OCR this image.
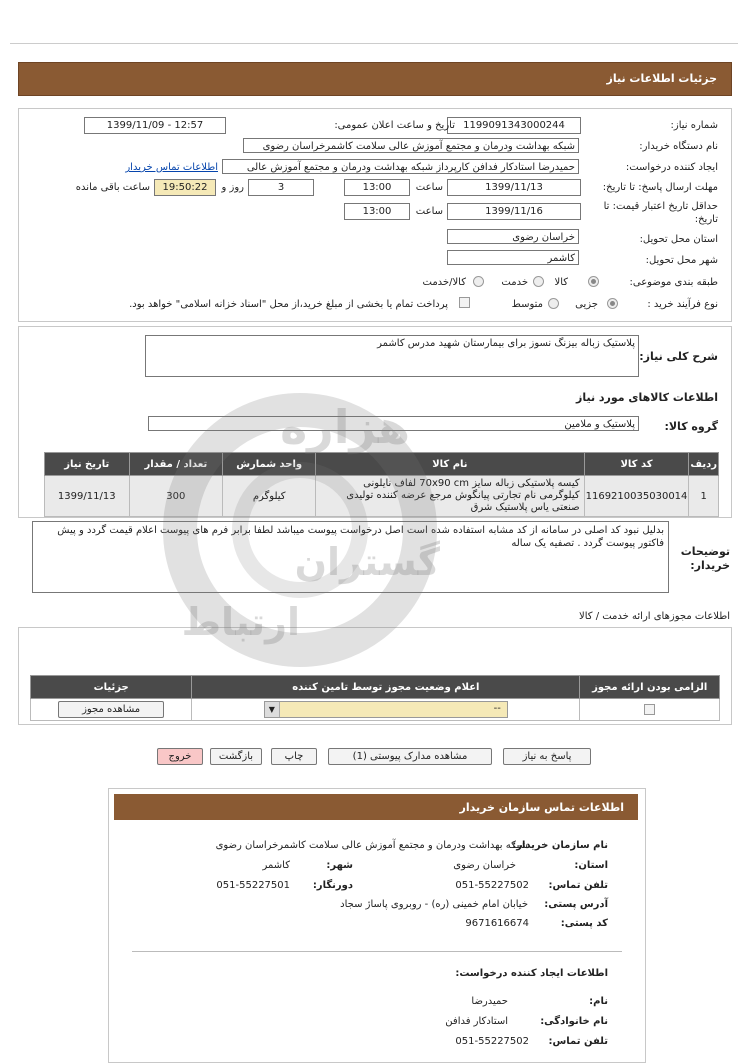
جزئیات اطلاعات نیاز
شماره نیاز:
1199091343000244
تاریخ و ساعت اعلان عمومی:
1399/11/09 - 12:57
نام دستگاه خریدار:
شبکه بهداشت ودرمان و مجتمع آموزش عالی سلامت کاشمرخراسان رضوی
ایجاد کننده درخواست:
حمیدرضا استادکار فدافن کارپرداز شبکه بهداشت ودرمان و مجتمع آموزش عالی
اطلاعات تماس خریدار
مهلت ارسال پاسخ: تا تاریخ:
1399/11/13
ساعت
13:00
3
روز و
19:50:22
ساعت باقی مانده
حداقل تاریخ اعتبار قیمت: تا تاریخ:
1399/11/16
ساعت
13:00
استان محل تحویل:
خراسان رضوی
شهر محل تحویل:
کاشمر
طبقه بندی موضوعی:
کالا
خدمت
کالا/خدمت
نوع فرآیند خرید :
جزیی
متوسط
پرداخت تمام یا بخشی از مبلغ خرید،از محل "اسناد خزانه اسلامی" خواهد بود.
شرح کلی نیاز:
پلاستیک زباله بیزنگ نسوز برای بیمارستان شهید مدرس کاشمر
اطلاعات کالاهای مورد نیاز
گروه کالا:
پلاستیک و ملامین
تاریخ نیاز	تعداد / مقدار	واحد شمارش	نام کالا	کد کالا	ردیف
1399/11/13	300	کیلوگرم	کیسه پلاستیکی زباله سایز 70x90 cm لفاف نایلونی کیلوگرمی نام تجارتی پیانگوش مرجع عرضه کننده تولیدی صنعتی یاس پلاستیک شرق	1169210035030014	1
توضیحات خریدار:
بدلیل نبود کد اصلی در سامانه از کد مشابه استفاده شده است اصل درخواست پیوست میباشد لطفا برابر فرم های پیوست اعلام قیمت گردد و پیش فاکتور پیوست گردد . تصفیه یک ساله
اطلاعات مجوزهای ارائه خدمت / کالا
جزئیات	اعلام وضعیت مجوز توسط تامین کننده	الزامی بودن ارائه مجوز

مشاهده مجوز	--
▼	

پاسخ به نیاز
مشاهده مدارک پیوستی (1)
چاپ
بازگشت
خروج
اطلاعات تماس سازمان خریدار
نام سازمان خریدار:
شبکه بهداشت ودرمان و مجتمع آموزش عالی سلامت کاشمرخراسان رضوی
استان:
خراسان رضوی
شهر:
کاشمر
تلفن تماس:
051-55227502
دورنگار:
051-55227501
آدرس پستی:
خیابان امام خمینی (ره) - روبروی پاساژ سجاد
کد پستی:
9671616674
اطلاعات ایجاد کننده درخواست:
نام:
حمیدرضا
نام خانوادگی:
استادکار فدافن
تلفن تماس:
051-55227502
هزاره
گستران
ارتباط
